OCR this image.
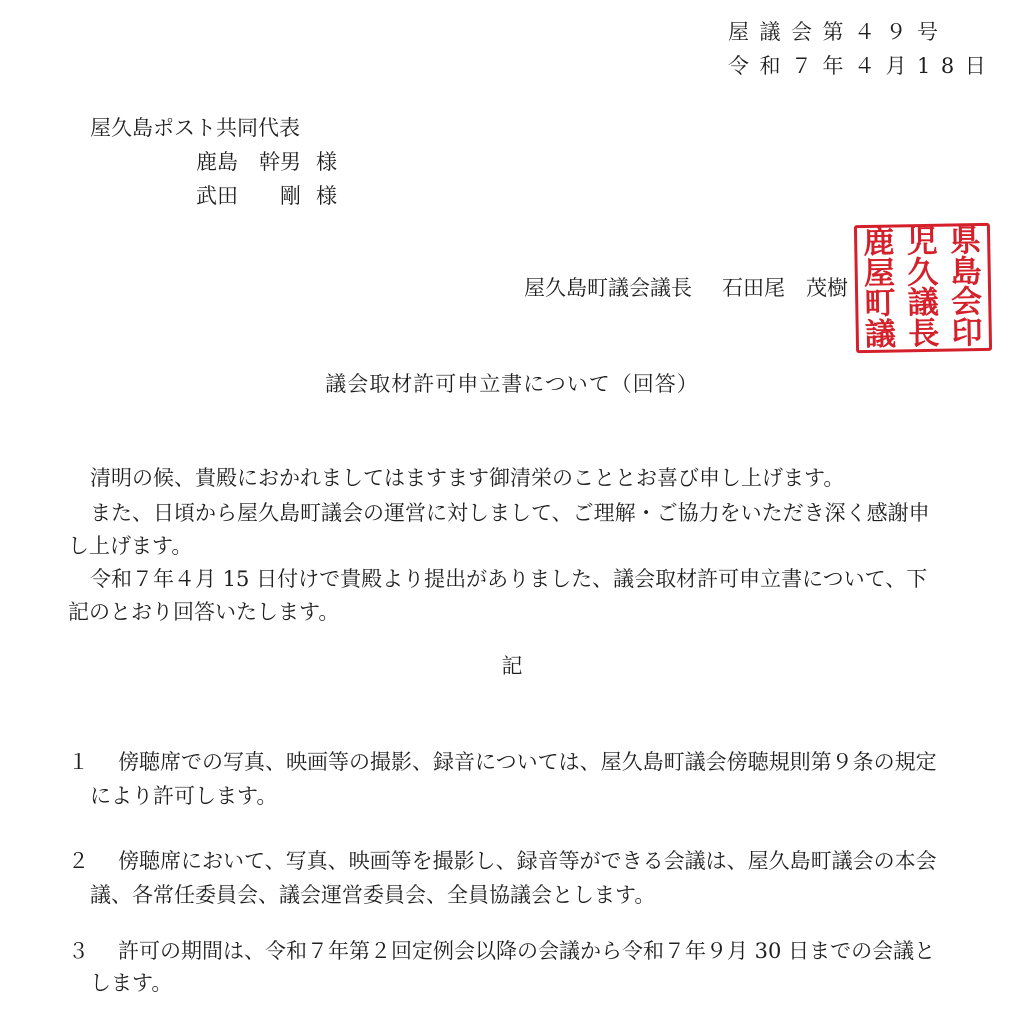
屋議会第４９号
令和７年４月18日
屋久島ポスト共同代表
鹿島　幹男 様
武田　　剛 様
屋久島町議会議長 石田尾　茂樹
鹿 児 県
屋 久 島
町 議 会
議 長 印
議会取材許可申立書について（回答）
清明の候、貴殿におかれましてはますます御清栄のこととお喜び申し上げます。
また、日頃から屋久島町議会の運営に対しまして、ご理解・ご協力をいただき深く感謝申
し上げます。
令和７年４月 15 日付けで貴殿より提出がありました、議会取材許可申立書について、下
記のとおり回答いたします。
記
１ 傍聴席での写真、映画等の撮影、録音については、屋久島町議会傍聴規則第９条の規定
により許可します。
２ 傍聴席において、写真、映画等を撮影し、録音等ができる会議は、屋久島町議会の本会
議、各常任委員会、議会運営委員会、全員協議会とします。
３ 許可の期間は、令和７年第２回定例会以降の会議から令和７年９月 30 日までの会議と
します。
